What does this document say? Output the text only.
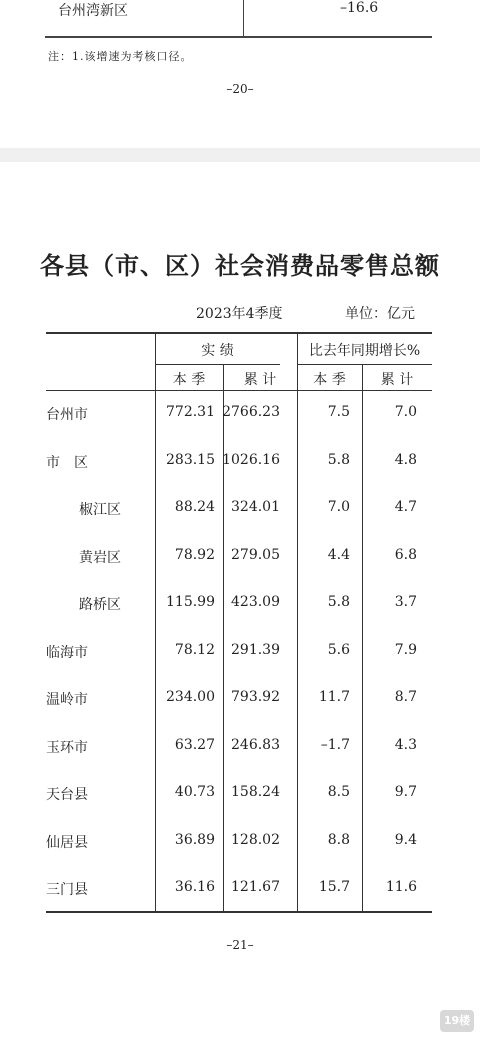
台州湾新区	–16.6
注：1.该增速为考核口径。
–20–
各县（市、区）社会消费品零售总额
2023年4季度	单位：亿元
实 绩	比去年同期增长%
本 季	累 计	本 季	累 计
台州市	772.31 2766.23	7.5	7.0
市　区	283.15 1026.16	5.8	4.8
椒江区	88.24	324.01	7.0	4.7
黄岩区	78.92	279.05	4.4	6.8
路桥区	115.99	423.09	5.8	3.7
临海市	78.12	291.39	5.6	7.9
温岭市	234.00	793.92	11.7	8.7
玉环市	63.27	246.83	–1.7	4.3
天台县	40.73	158.24	8.5	9.7
仙居县	36.89	128.02	8.8	9.4
三门县	36.16	121.67	15.7	11.6
–21–
19楼
